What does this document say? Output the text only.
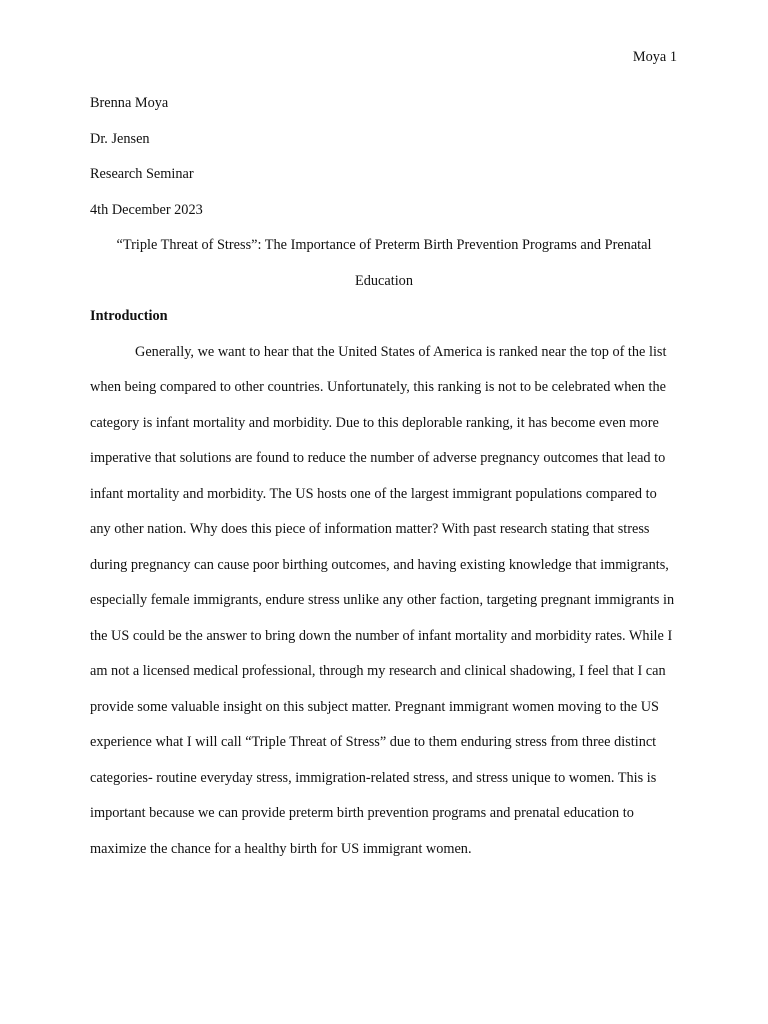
Moya 1

Brenna Moya

Dr. Jensen

Research Seminar

4th December 2023

“Triple Threat of Stress”: The Importance of Preterm Birth Prevention Programs and Prenatal Education

Introduction

Generally, we want to hear that the United States of America is ranked near the top of the list when being compared to other countries. Unfortunately, this ranking is not to be celebrated when the category is infant mortality and morbidity. Due to this deplorable ranking, it has become even more imperative that solutions are found to reduce the number of adverse pregnancy outcomes that lead to infant mortality and morbidity. The US hosts one of the largest immigrant populations compared to any other nation. Why does this piece of information matter? With past research stating that stress during pregnancy can cause poor birthing outcomes, and having existing knowledge that immigrants, especially female immigrants, endure stress unlike any other faction, targeting pregnant immigrants in the US could be the answer to bring down the number of infant mortality and morbidity rates. While I am not a licensed medical professional, through my research and clinical shadowing, I feel that I can provide some valuable insight on this subject matter. Pregnant immigrant women moving to the US experience what I will call “Triple Threat of Stress” due to them enduring stress from three distinct categories- routine everyday stress, immigration-related stress, and stress unique to women. This is important because we can provide preterm birth prevention programs and prenatal education to maximize the chance for a healthy birth for US immigrant women.
